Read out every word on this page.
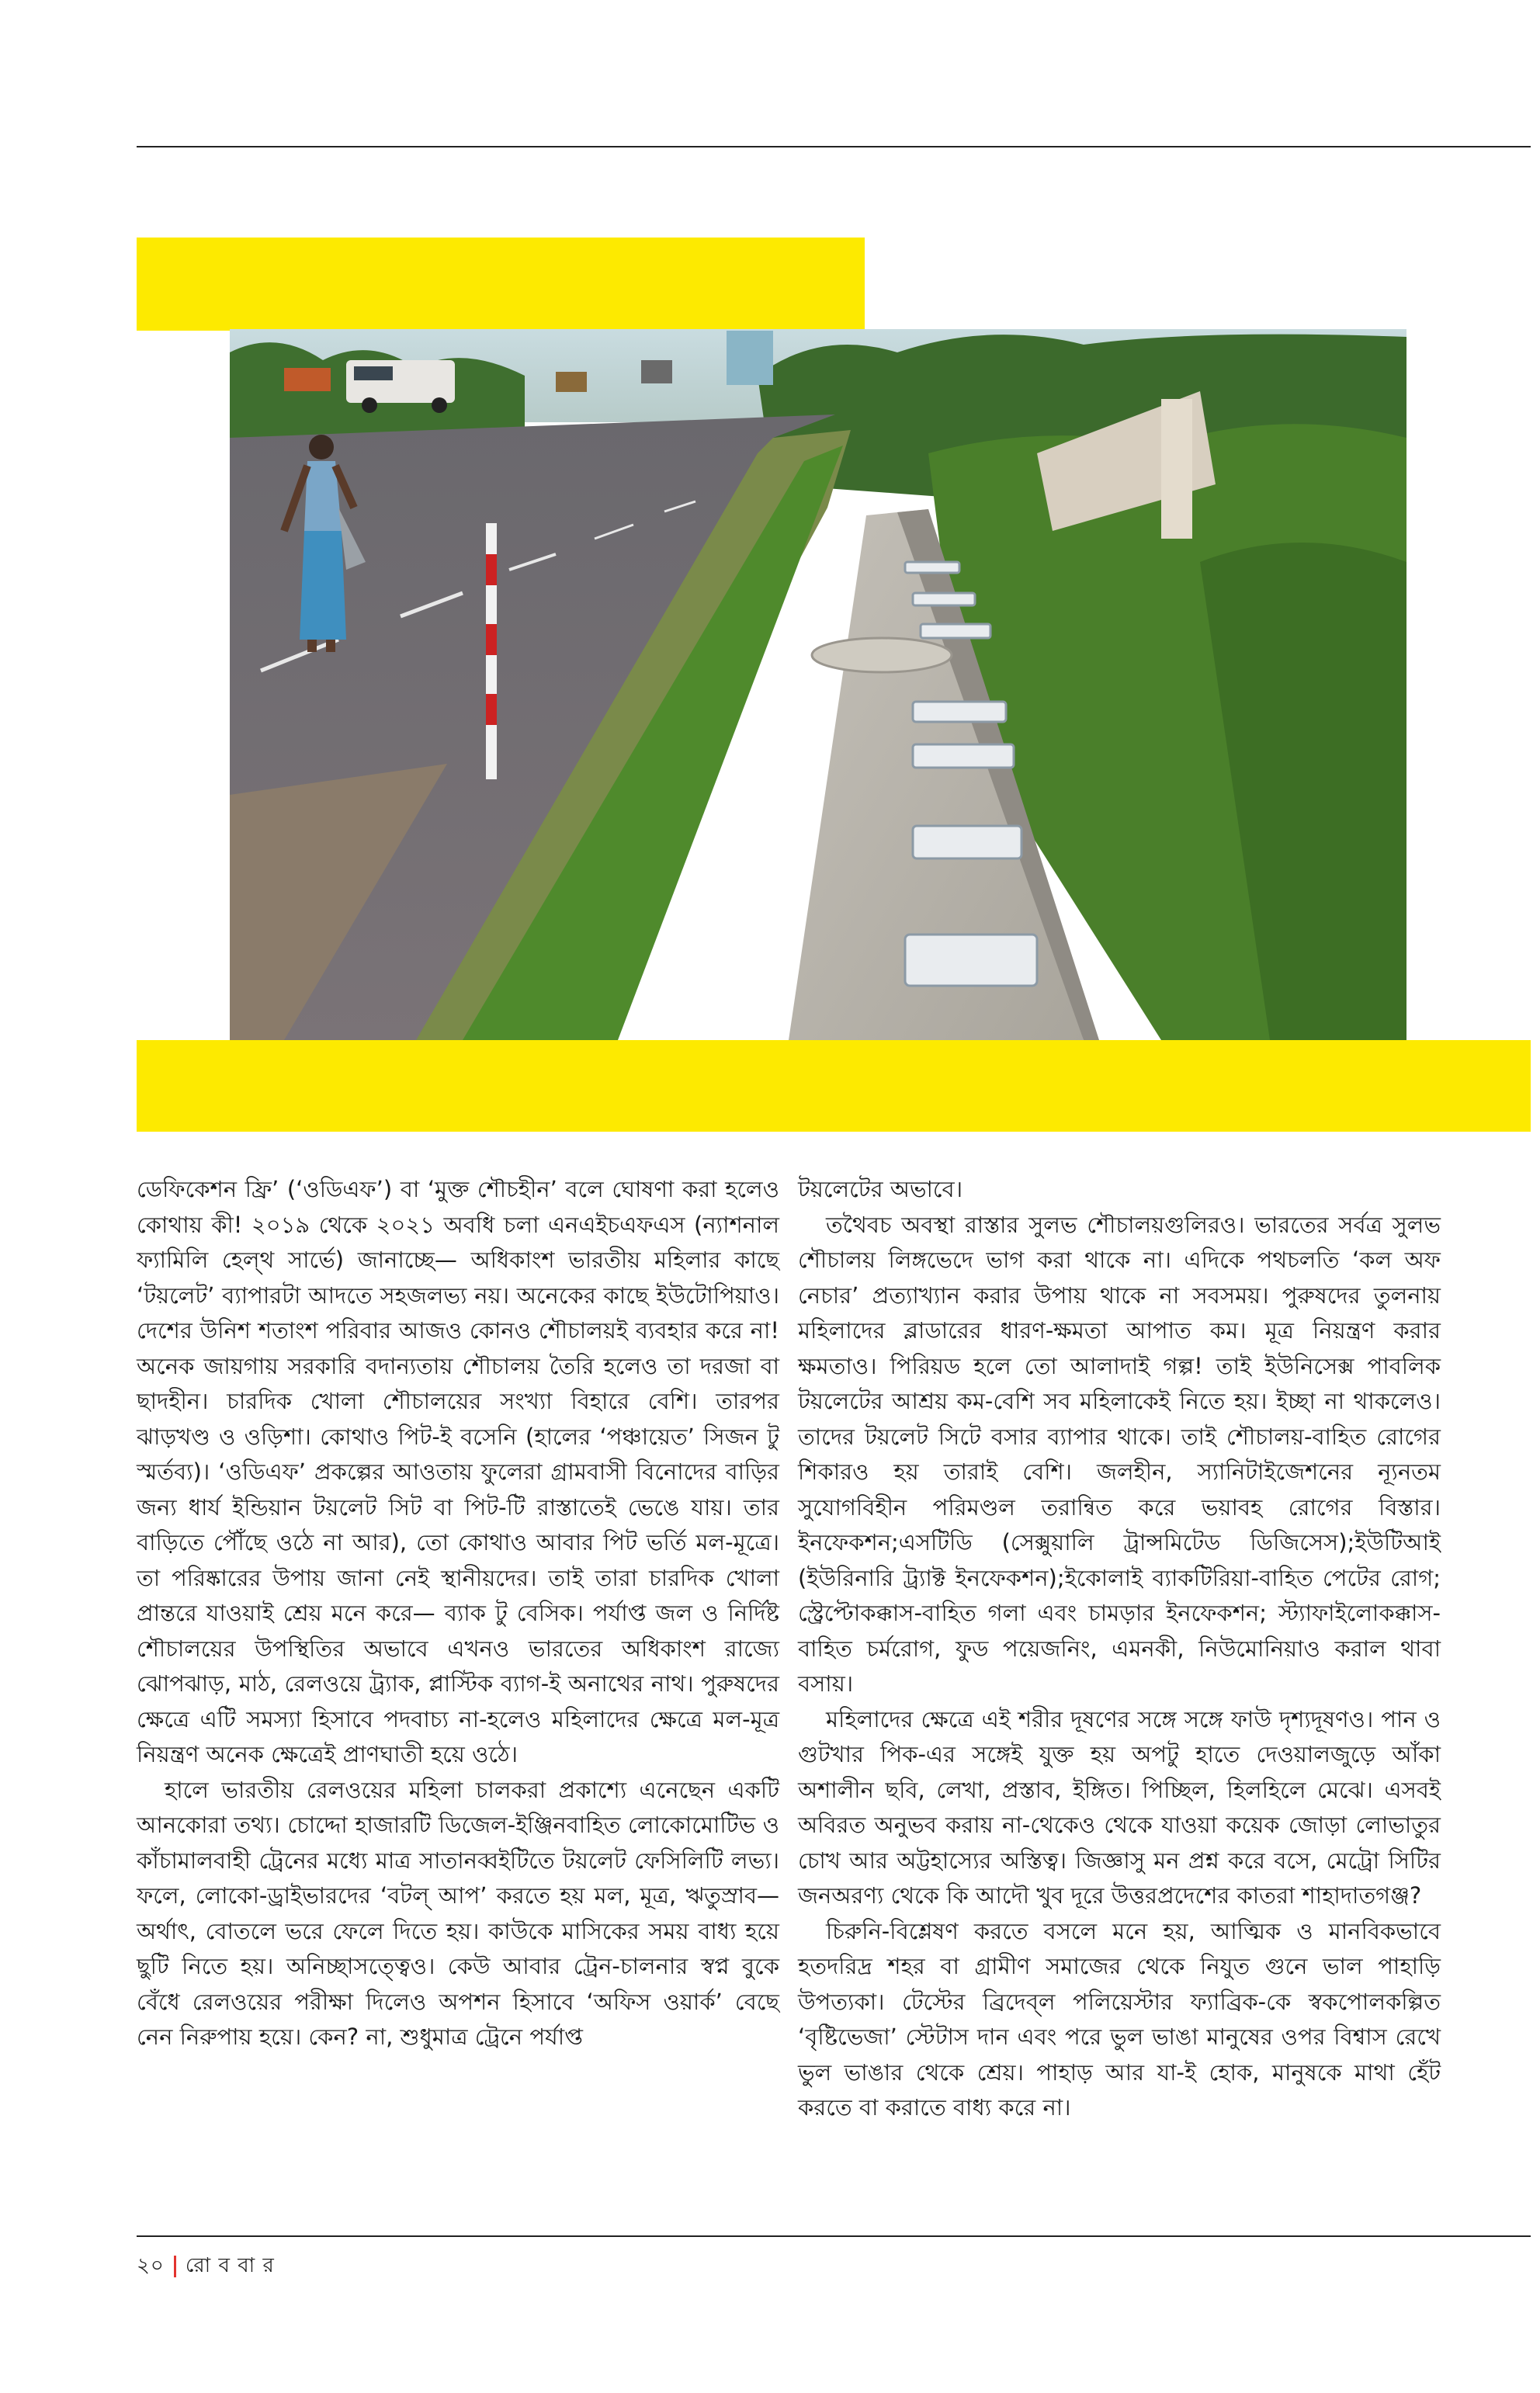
ডেফিকেশন ফ্রি’ (‘ওডিএফ’) বা ‘মুক্ত শৌচহীন’ বলে ঘোষণা করা হলেও কোথায় কী! ২০১৯ থেকে ২০২১ অবধি চলা এনএইচএফএস (ন্যাশনাল ফ্যামিলি হেল্থ সার্ভে) জানাচ্ছে— অধিকাংশ ভারতীয় মহিলার কাছে ‘টয়লেট’ ব্যাপারটা আদতে সহজলভ্য নয়। অনেকের কাছে ইউটোপিয়াও। দেশের উনিশ শতাংশ পরিবার আজও কোনও শৌচালয়ই ব্যবহার করে না! অনেক জায়গায় সরকারি বদান্যতায় শৌচালয় তৈরি হলেও তা দরজা বা ছাদহীন। চারদিক খোলা শৌচালয়ের সংখ্যা বিহারে বেশি। তারপর ঝাড়খণ্ড ও ওড়িশা। কোথাও পিট-ই বসেনি (হালের ‘পঞ্চায়েত’ সিজন টু স্মর্তব্য)। ‘ওডিএফ’ প্রকল্পের আওতায় ফুলেরা গ্রামবাসী বিনোদের বাড়ির জন্য ধার্য ইন্ডিয়ান টয়লেট সিট বা পিট-টি রাস্তাতেই ভেঙে যায়। তার বাড়িতে পৌঁছে ওঠে না আর), তো কোথাও আবার পিট ভর্তি মল-মূত্রে। তা পরিষ্কারের উপায় জানা নেই স্থানীয়দের। তাই তারা চারদিক খোলা প্রান্তরে যাওয়াই শ্রেয় মনে করে— ব্যাক টু বেসিক। পর্যাপ্ত জল ও নির্দিষ্ট শৌচালয়ের উপস্থিতির অভাবে এখনও ভারতের অধিকাংশ রাজ্যে ঝোপঝাড়, মাঠ, রেলওয়ে ট্র্যাক, প্লাস্টিক ব্যাগ-ই অনাথের নাথ। পুরুষদের ক্ষেত্রে এটি সমস্যা হিসাবে পদবাচ্য না-হলেও মহিলাদের ক্ষেত্রে মল-মূত্র নিয়ন্ত্রণ অনেক ক্ষেত্রেই প্রাণঘাতী হয়ে ওঠে।

হালে ভারতীয় রেলওয়ের মহিলা চালকরা প্রকাশ্যে এনেছেন একটি আনকোরা তথ্য। চোদ্দো হাজারটি ডিজেল-ইঞ্জিনবাহিত লোকোমোটিভ ও কাঁচামালবাহী ট্রেনের মধ্যে মাত্র সাতানব্বইটিতে টয়লেট ফেসিলিটি লভ্য। ফলে, লোকো-ড্রাইভারদের ‘বটল্ আপ’ করতে হয় মল, মূত্র, ঋতুস্রাব— অর্থাৎ, বোতলে ভরে ফেলে দিতে হয়। কাউকে মাসিকের সময় বাধ্য হয়ে ছুটি নিতে হয়। অনিচ্ছাসত্ত্বেও। কেউ আবার ট্রেন-চালনার স্বপ্ন বুকে বেঁধে রেলওয়ের পরীক্ষা দিলেও অপশন হিসাবে ‘অফিস ওয়ার্ক’ বেছে নেন নিরুপায় হয়ে। কেন? না, শুধুমাত্র ট্রেনে পর্যাপ্ত

টয়লেটের অভাবে।

তথৈবচ অবস্থা রাস্তার সুলভ শৌচালয়গুলিরও। ভারতের সর্বত্র সুলভ শৌচালয় লিঙ্গভেদে ভাগ করা থাকে না। এদিকে পথচলতি ‘কল অফ নেচার’ প্রত্যাখ্যান করার উপায় থাকে না সবসময়। পুরুষদের তুলনায় মহিলাদের ব্লাডারের ধারণ-ক্ষমতা আপাত কম। মূত্র নিয়ন্ত্রণ করার ক্ষমতাও। পিরিয়ড হলে তো আলাদাই গল্প! তাই ইউনিসেক্স পাবলিক টয়লেটের আশ্রয় কম-বেশি সব মহিলাকেই নিতে হয়। ইচ্ছা না থাকলেও। তাদের টয়লেট সিটে বসার ব্যাপার থাকে। তাই শৌচালয়-বাহিত রোগের শিকারও হয় তারাই বেশি। জলহীন, স্যানিটাইজেশনের ন্যূনতম সুযোগবিহীন পরিমণ্ডল তরান্বিত করে ভয়াবহ রোগের বিস্তার। ইনফেকশন;এসটিডি (সেক্সুয়ালি ট্রান্সমিটেড ডিজিসেস);ইউটিআই (ইউরিনারি ট্র্যাক্ট ইনফেকশন);ইকোলাই ব্যাকটিরিয়া-বাহিত পেটের রোগ; স্ট্রেপ্টোকক্কাস-বাহিত গলা এবং চামড়ার ইনফেকশন; স্ট্যাফাইলোকক্কাস-বাহিত চর্মরোগ, ফুড পয়েজনিং, এমনকী, নিউমোনিয়াও করাল থাবা বসায়।

মহিলাদের ক্ষেত্রে এই শরীর দূষণের সঙ্গে সঙ্গে ফাউ দৃশ্যদূষণও। পান ও গুটখার পিক-এর সঙ্গেই যুক্ত হয় অপটু হাতে দেওয়ালজুড়ে আঁকা অশালীন ছবি, লেখা, প্রস্তাব, ইঙ্গিত। পিচ্ছিল, হিলহিলে মেঝে। এসবই অবিরত অনুভব করায় না-থেকেও থেকে যাওয়া কয়েক জোড়া লোভাতুর চোখ আর অট্টহাস্যের অস্তিত্ব। জিজ্ঞাসু মন প্রশ্ন করে বসে, মেট্রো সিটির জনঅরণ্য থেকে কি আদৌ খুব দূরে উত্তরপ্রদেশের কাতরা শাহাদাতগঞ্জ?

চিরুনি-বিশ্লেষণ করতে বসলে মনে হয়, আত্মিক ও মানবিকভাবে হতদরিদ্র শহর বা গ্রামীণ সমাজের থেকে নিযুত গুনে ভাল পাহাড়ি উপত্যকা। টেস্টের ব্রিদেব্‌ল পলিয়েস্টার ফ্যাব্রিক-কে স্বকপোলকল্পিত ‘বৃষ্টিভেজা’ স্টেটাস দান এবং পরে ভুল ভাঙা মানুষের ওপর বিশ্বাস রেখে ভুল ভাঙার থেকে শ্রেয়। পাহাড় আর যা-ই হোক, মানুষকে মাথা হেঁট করতে বা করাতে বাধ্য করে না।

২০ রো ব বা র
